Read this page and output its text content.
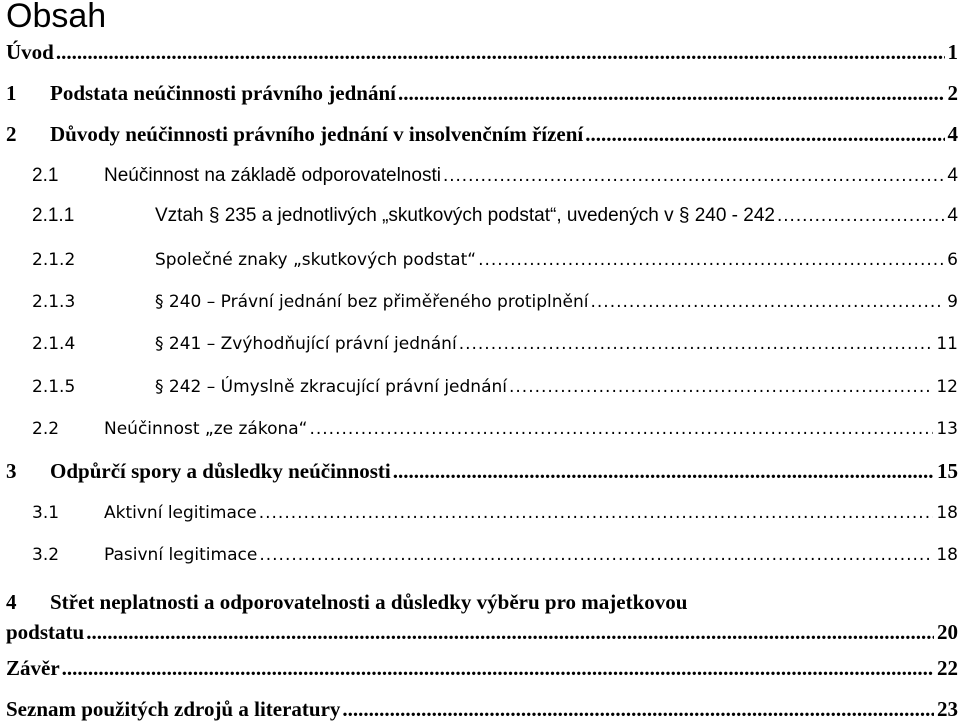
Obsah
Úvod .....	1
1	Podstata neúčinnosti právního jednání .....	2
2	Důvody neúčinnosti právního jednání v insolvenčním řízení .....	4
2.1	Neúčinnost na základě odporovatelnosti .....	4
2.1.1	Vztah § 235 a jednotlivých „skutkových podstat“, uvedených v § 240 - 242 .....	4
2.1.2	Společné znaky „skutkových podstat“ .....	6
2.1.3	§ 240 – Právní jednání bez přiměřeného protiplnění .....	9
2.1.4	§ 241 – Zvýhodňující právní jednání .....	11
2.1.5	§ 242 – Úmyslně zkracující právní jednání .....	12
2.2	Neúčinnost „ze zákona“ .....	13
3	Odpůrčí spory a důsledky neúčinnosti .....	15
3.1	Aktivní legitimace .....	18
3.2	Pasivní legitimace .....	18
4 Střet neplatnosti a odporovatelnosti a důsledky výběru pro majetkovou
podstatu .....	20
Závěr .....	22
Seznam použitých zdrojů a literatury .....	23
